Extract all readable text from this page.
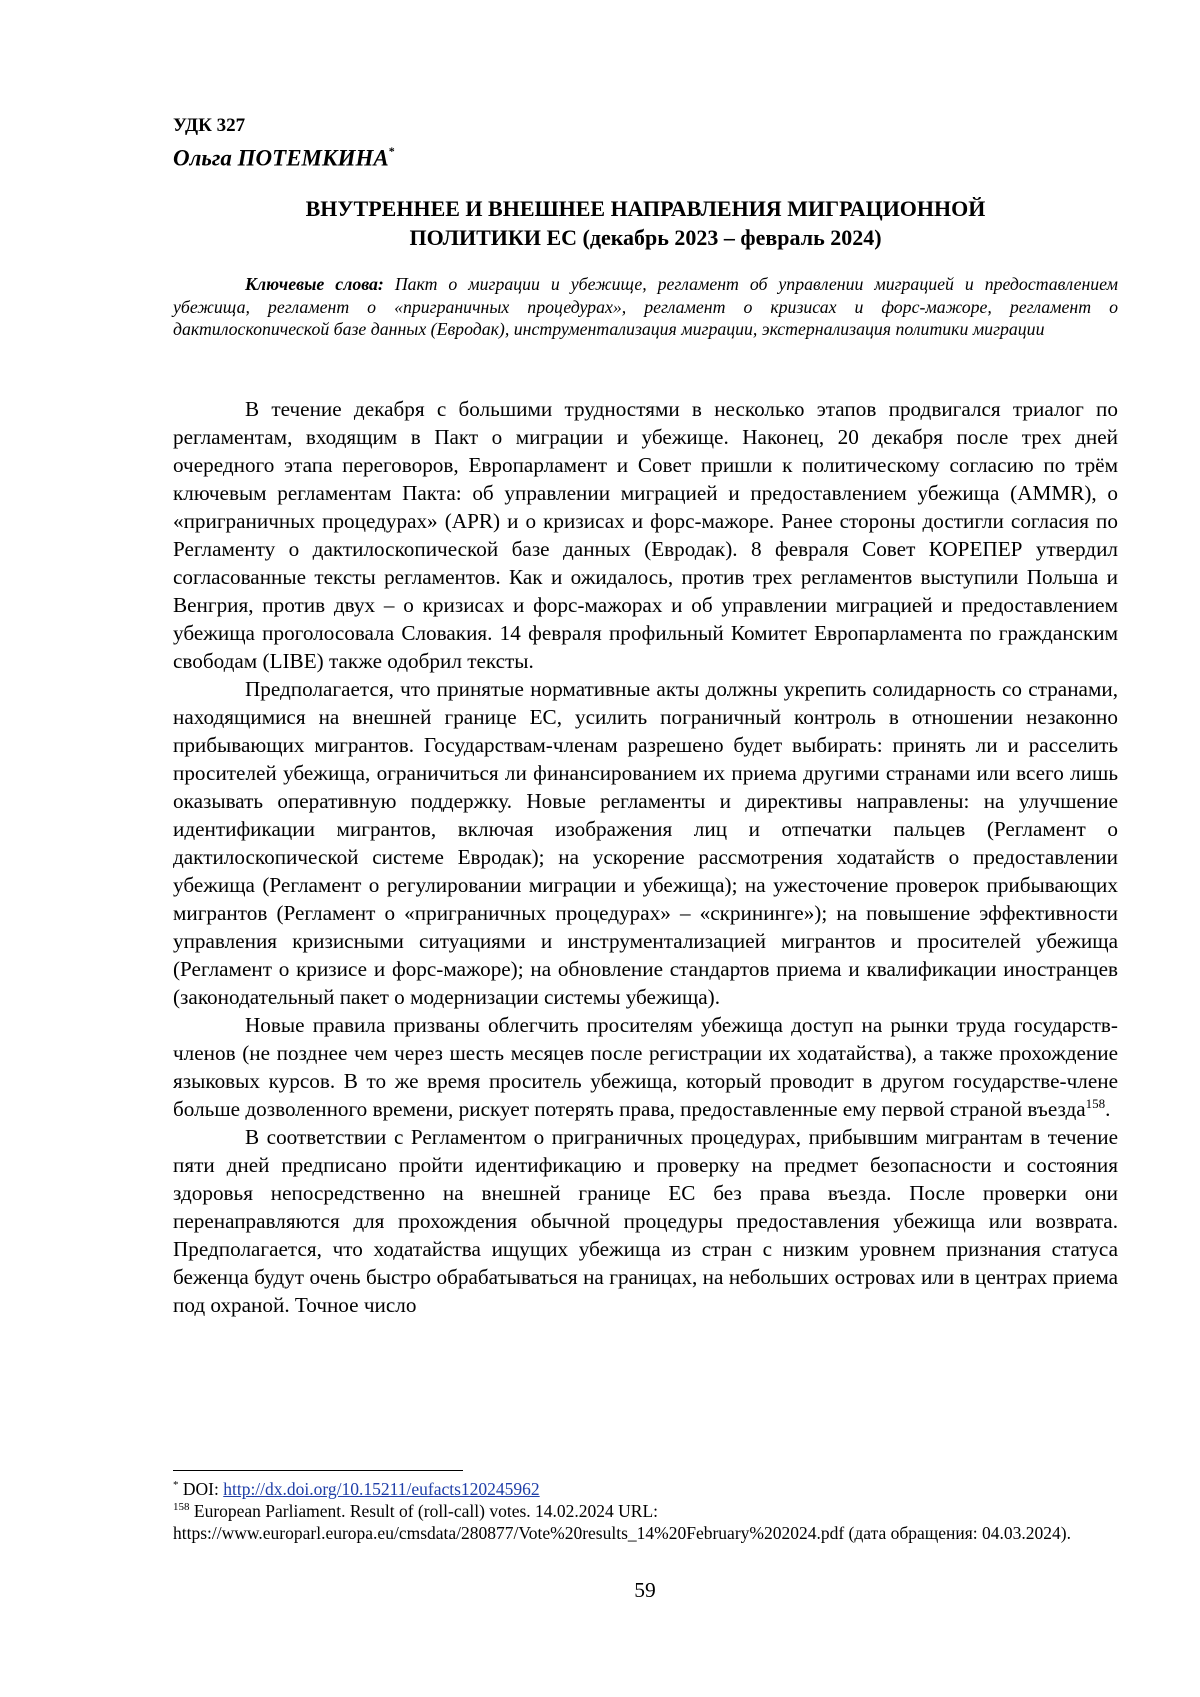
УДК 327
Ольга ПОТЕМКИНА*
ВНУТРЕННЕЕ И ВНЕШНЕЕ НАПРАВЛЕНИЯ МИГРАЦИОННОЙ
ПОЛИТИКИ ЕС (декабрь 2023 – февраль 2024)
Ключевые слова: Пакт о миграции и убежище, регламент об управлении миграцией и предоставлением убежища, регламент о «приграничных процедурах», регламент о кризисах и форс-мажоре, регламент о дактилоскопической базе данных (Евродак), инструментализация миграции, экстернализация политики миграции

В течение декабря с большими трудностями в несколько этапов продвигался триалог по регламентам, входящим в Пакт о миграции и убежище. Наконец, 20 декабря после трех дней очередного этапа переговоров, Европарламент и Совет пришли к политическому согласию по трём ключевым регламентам Пакта: об управлении миграцией и предоставлением убежища (AMMR), о «приграничных процедурах» (APR) и о кризисах и форс-мажоре. Ранее стороны достигли согласия по Регламенту о дактилоскопической базе данных (Евродак). 8 февраля Совет КОРЕПЕР утвердил согласованные тексты регламентов. Как и ожидалось, против трех регламентов выступили Польша и Венгрия, против двух – о кризисах и форс-мажорах и об управлении миграцией и предоставлением убежища проголосовала Словакия. 14 февраля профильный Комитет Европарламента по гражданским свободам (LIBE) также одобрил тексты.

Предполагается, что принятые нормативные акты должны укрепить солидарность со странами, находящимися на внешней границе ЕС, усилить пограничный контроль в отношении незаконно прибывающих мигрантов. Государствам-членам разрешено будет выбирать: принять ли и расселить просителей убежища, ограничиться ли финансированием их приема другими странами или всего лишь оказывать оперативную поддержку. Новые регламенты и директивы направлены: на улучшение идентификации мигрантов, включая изображения лиц и отпечатки пальцев (Регламент о дактилоскопической системе Евродак); на ускорение рассмотрения ходатайств о предоставлении убежища (Регламент о регулировании миграции и убежища); на ужесточение проверок прибывающих мигрантов (Регламент о «приграничных процедурах» – «скрининге»); на повышение эффективности управления кризисными ситуациями и инструментализацией мигрантов и просителей убежища (Регламент о кризисе и форс-мажоре); на обновление стандартов приема и квалификации иностранцев (законодательный пакет о модернизации системы убежища).

Новые правила призваны облегчить просителям убежища доступ на рынки труда государств-членов (не позднее чем через шесть месяцев после регистрации их ходатайства), а также прохождение языковых курсов. В то же время проситель убежища, который проводит в другом государстве-члене больше дозволенного времени, рискует потерять права, предоставленные ему первой страной въезда$^{158}$.

В соответствии с Регламентом о приграничных процедурах, прибывшим мигрантам в течение пяти дней предписано пройти идентификацию и проверку на предмет безопасности и состояния здоровья непосредственно на внешней границе ЕС без права въезда. После проверки они перенаправляются для прохождения обычной процедуры предоставления убежища или возврата. Предполагается, что ходатайства ищущих убежища из стран с низким уровнем признания статуса беженца будут очень быстро обрабатываться на границах, на небольших островах или в центрах приема под охраной. Точное число

* DOI: http://dx.doi.org/10.15211/eufacts120245962

$^{158}$ European Parliament. Result of (roll-call) votes. 14.02.2024 URL: https://www.europarl.europa.eu/cmsdata/280877/Vote%20results_14%20February%202024.pdf (дата обращения: 04.03.2024).

59
